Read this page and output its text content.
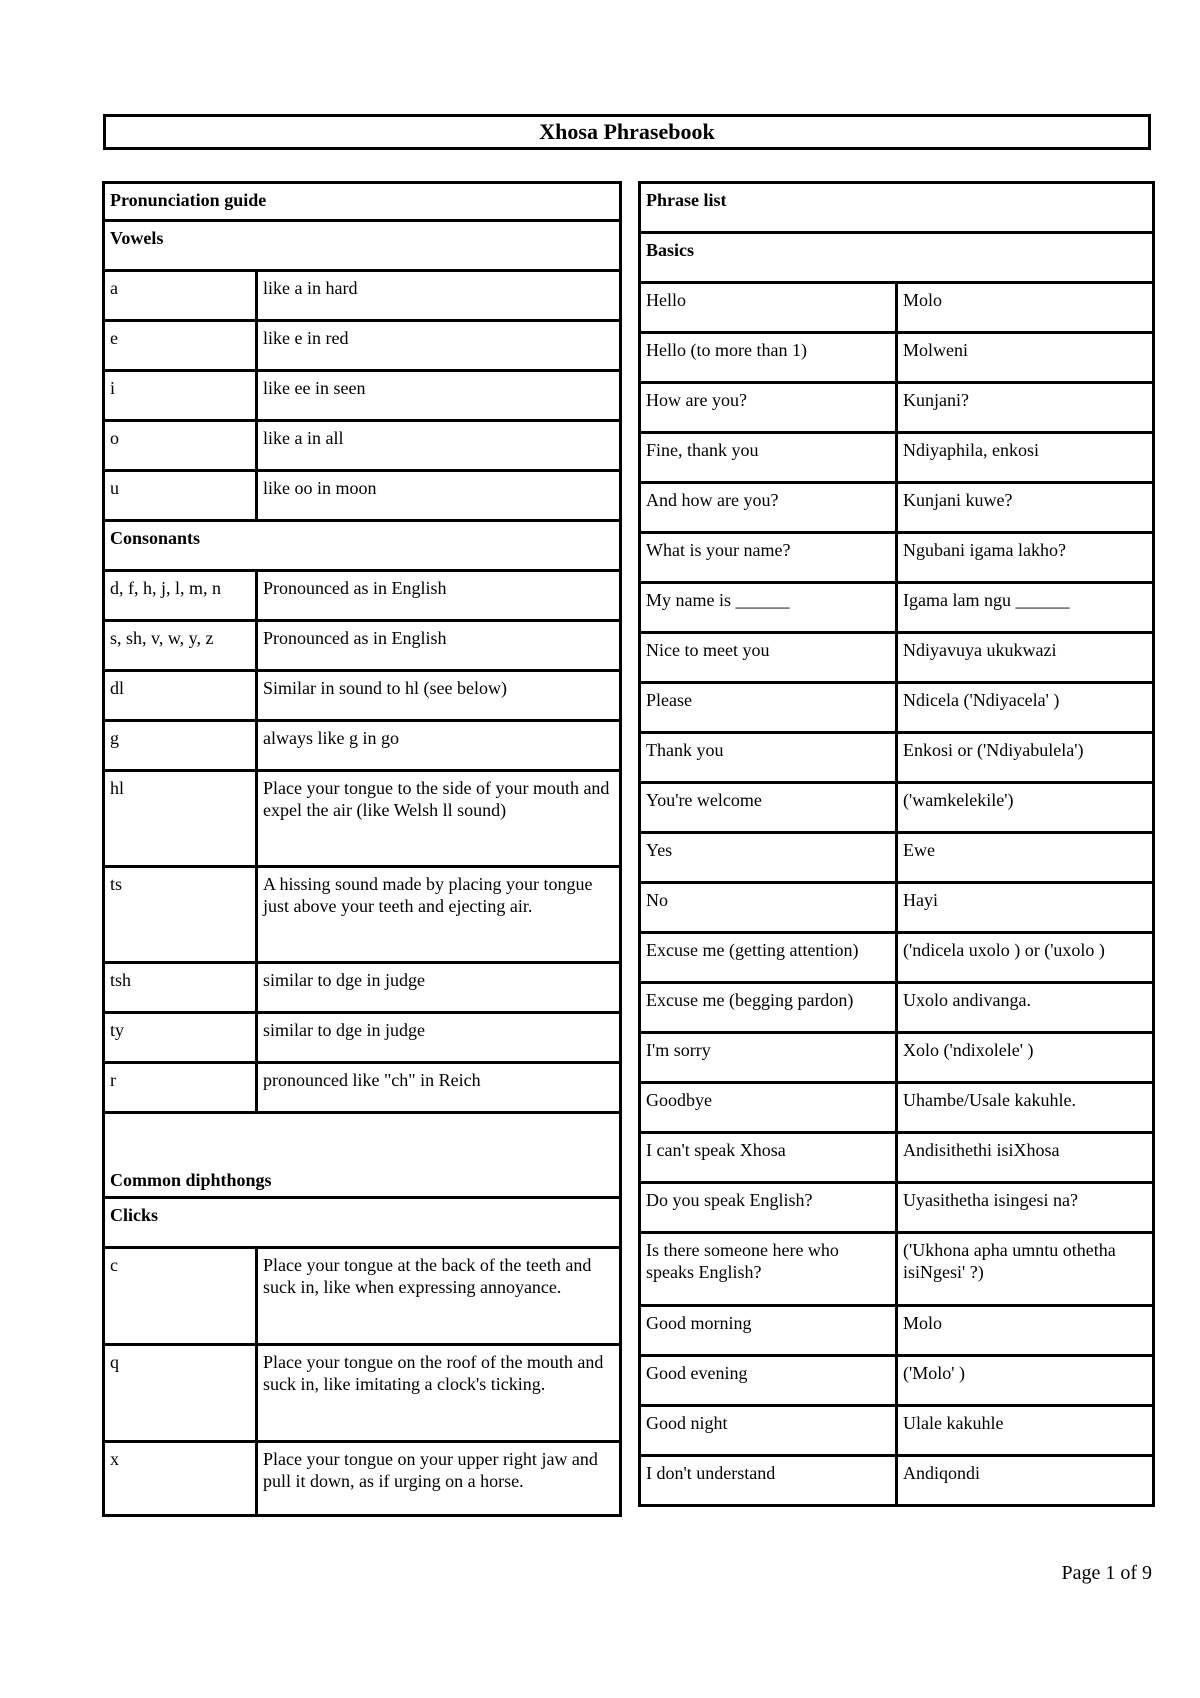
Xhosa Phrasebook
Pronunciation guide	
Vowels	
a	like a in hard
e	like e in red
i	like ee in seen
o	like a in all
u	like oo in moon
Consonants	
d, f, h, j, l, m, n	Pronounced as in English
s, sh, v, w, y, z	Pronounced as in English
dl	Similar in sound to hl (see below)
g	always like g in go
hl	Place your tongue to the side of your mouth and expel the air (like Welsh ll sound)
ts	A hissing sound made by placing your tongue just above your teeth and ejecting air.
tsh	similar to dge in judge
ty	similar to dge in judge
r	pronounced like "ch" in Reich
Common diphthongs	
Clicks	
c	Place your tongue at the back of the teeth and suck in, like when expressing annoyance.
q	Place your tongue on the roof of the mouth and suck in, like imitating a clock's ticking.
x	Place your tongue on your upper right jaw and pull it down, as if urging on a horse.
Phrase list	
Basics	
Hello	Molo
Hello (to more than 1)	Molweni
How are you?	Kunjani?
Fine, thank you	Ndiyaphila, enkosi
And how are you?	Kunjani kuwe?
What is your name?	Ngubani igama lakho?
My name is ______	Igama lam ngu ______
Nice to meet you	Ndiyavuya ukukwazi
Please	Ndicela ('Ndiyacela' )
Thank you	Enkosi or ('Ndiyabulela')
You're welcome	('wamkelekile')
Yes	Ewe
No	Hayi
Excuse me (getting attention)	('ndicela uxolo ) or ('uxolo )
Excuse me (begging pardon)	Uxolo andivanga.
I'm sorry	Xolo ('ndixolele' )
Goodbye	Uhambe/Usale kakuhle.
I can't speak Xhosa	Andisithethi isiXhosa
Do you speak English?	Uyasithetha isingesi na?
Is there someone here who speaks English?	('Ukhona apha umntu othetha isiNgesi' ?)
Good morning	Molo
Good evening	('Molo' )
Good night	Ulale kakuhle
I don't understand	Andiqondi
Page 1 of 9
